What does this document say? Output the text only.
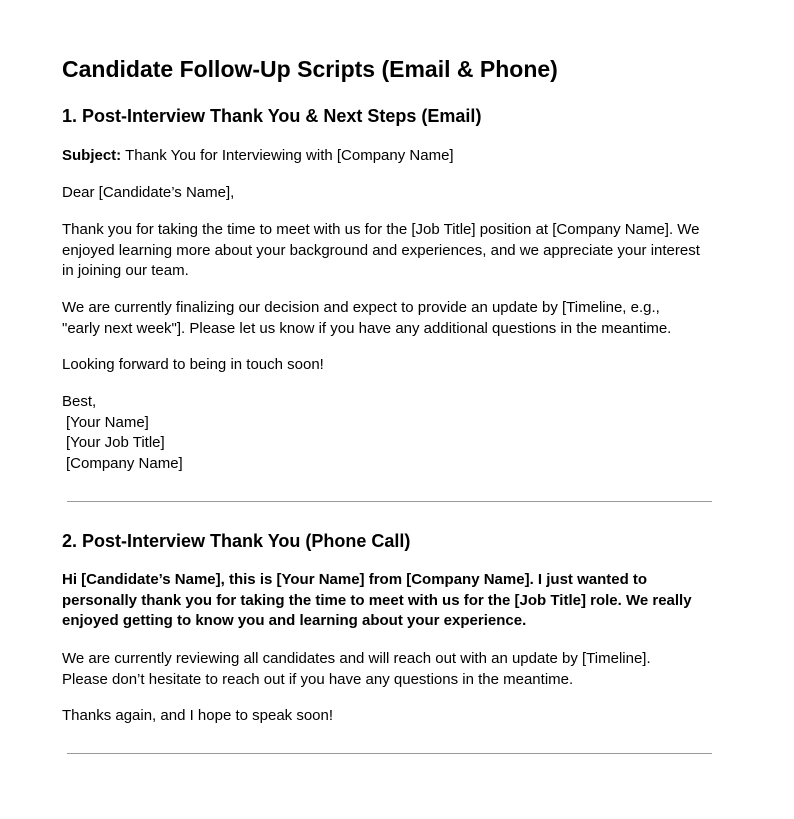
Candidate Follow-Up Scripts (Email & Phone)
1. Post-Interview Thank You & Next Steps (Email)

Subject: Thank You for Interviewing with [Company Name]

Dear [Candidate’s Name],

Thank you for taking the time to meet with us for the [Job Title] position at [Company Name]. We
enjoyed learning more about your background and experiences, and we appreciate your interest
in joining our team.

We are currently finalizing our decision and expect to provide an update by [Timeline, e.g.,
"early next week"]. Please let us know if you have any additional questions in the meantime.

Looking forward to being in touch soon!

Best,
[Your Name]
[Your Job Title]
[Company Name]

2. Post-Interview Thank You (Phone Call)

Hi [Candidate’s Name], this is [Your Name] from [Company Name]. I just wanted to
personally thank you for taking the time to meet with us for the [Job Title] role. We really
enjoyed getting to know you and learning about your experience.

We are currently reviewing all candidates and will reach out with an update by [Timeline].
Please don’t hesitate to reach out if you have any questions in the meantime.

Thanks again, and I hope to speak soon!
